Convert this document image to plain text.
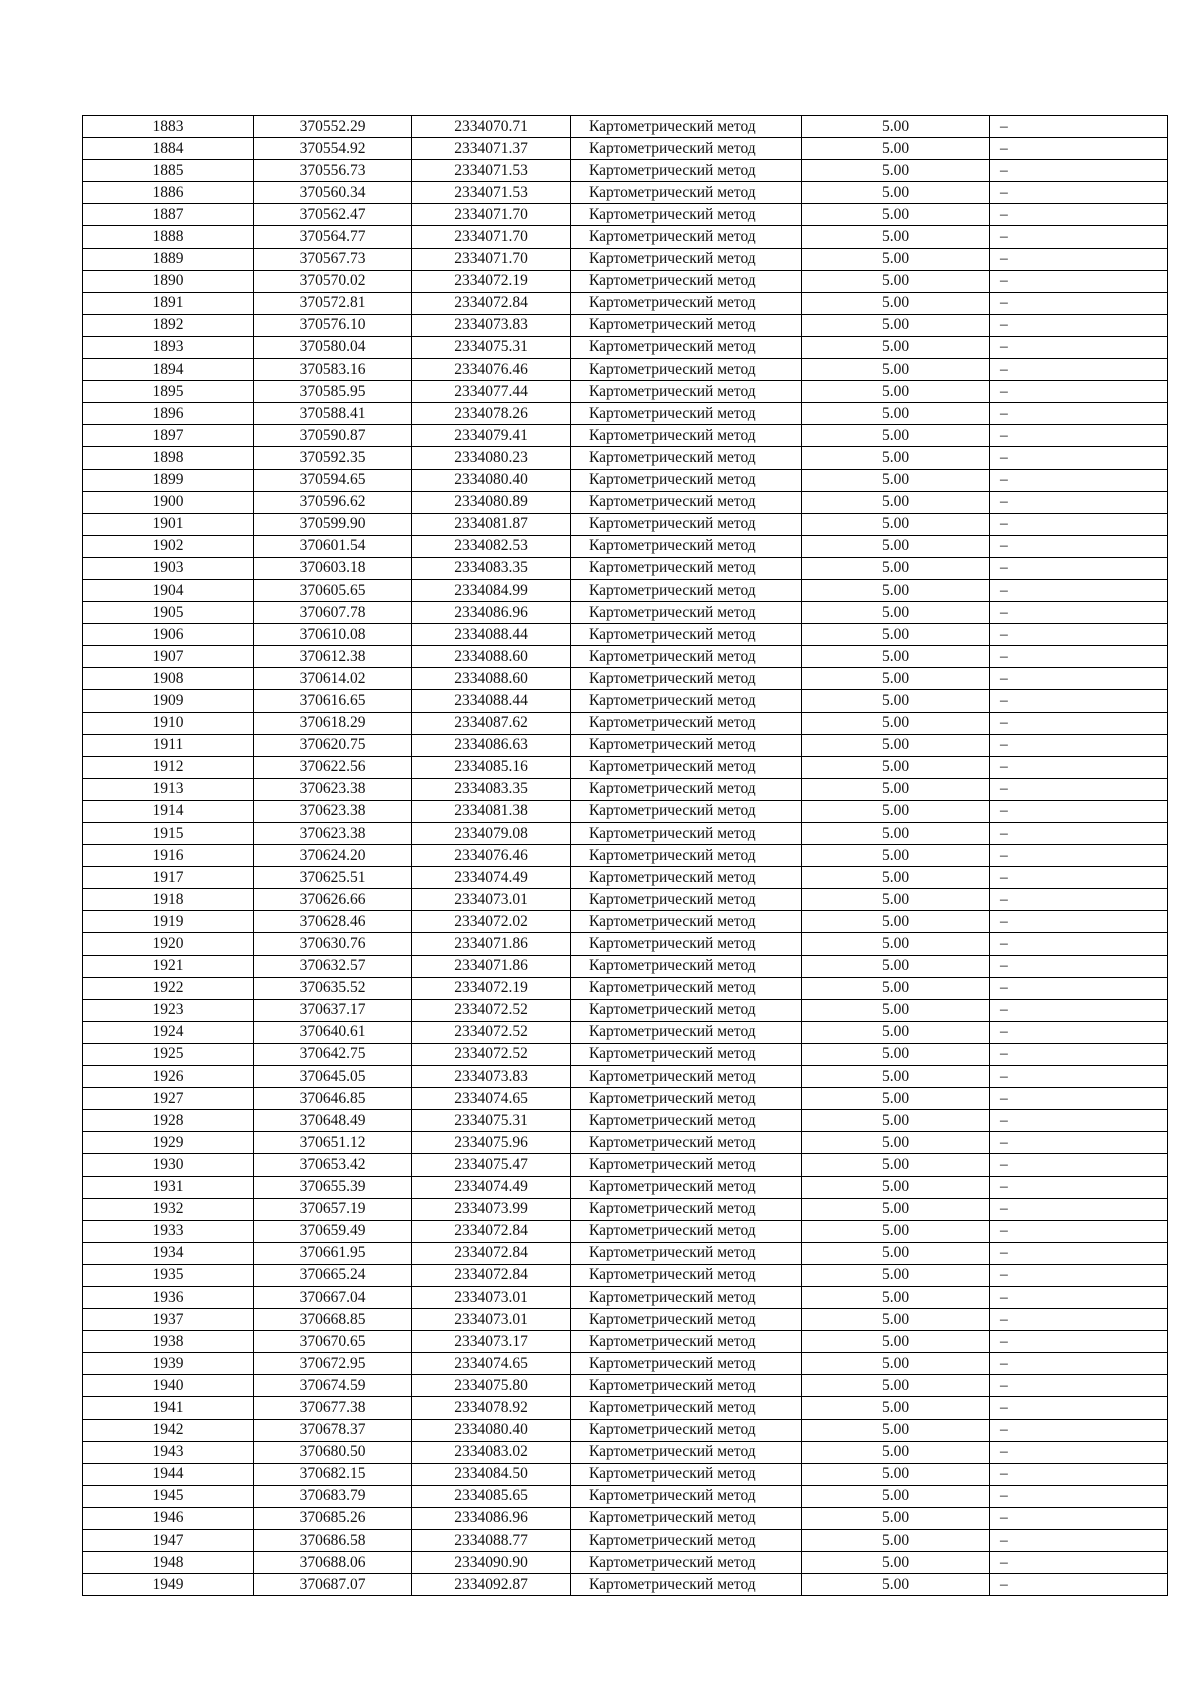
1883	370552.29	2334070.71	Картометрический метод	5.00	–
1884	370554.92	2334071.37	Картометрический метод	5.00	–
1885	370556.73	2334071.53	Картометрический метод	5.00	–
1886	370560.34	2334071.53	Картометрический метод	5.00	–
1887	370562.47	2334071.70	Картометрический метод	5.00	–
1888	370564.77	2334071.70	Картометрический метод	5.00	–
1889	370567.73	2334071.70	Картометрический метод	5.00	–
1890	370570.02	2334072.19	Картометрический метод	5.00	–
1891	370572.81	2334072.84	Картометрический метод	5.00	–
1892	370576.10	2334073.83	Картометрический метод	5.00	–
1893	370580.04	2334075.31	Картометрический метод	5.00	–
1894	370583.16	2334076.46	Картометрический метод	5.00	–
1895	370585.95	2334077.44	Картометрический метод	5.00	–
1896	370588.41	2334078.26	Картометрический метод	5.00	–
1897	370590.87	2334079.41	Картометрический метод	5.00	–
1898	370592.35	2334080.23	Картометрический метод	5.00	–
1899	370594.65	2334080.40	Картометрический метод	5.00	–
1900	370596.62	2334080.89	Картометрический метод	5.00	–
1901	370599.90	2334081.87	Картометрический метод	5.00	–
1902	370601.54	2334082.53	Картометрический метод	5.00	–
1903	370603.18	2334083.35	Картометрический метод	5.00	–
1904	370605.65	2334084.99	Картометрический метод	5.00	–
1905	370607.78	2334086.96	Картометрический метод	5.00	–
1906	370610.08	2334088.44	Картометрический метод	5.00	–
1907	370612.38	2334088.60	Картометрический метод	5.00	–
1908	370614.02	2334088.60	Картометрический метод	5.00	–
1909	370616.65	2334088.44	Картометрический метод	5.00	–
1910	370618.29	2334087.62	Картометрический метод	5.00	–
1911	370620.75	2334086.63	Картометрический метод	5.00	–
1912	370622.56	2334085.16	Картометрический метод	5.00	–
1913	370623.38	2334083.35	Картометрический метод	5.00	–
1914	370623.38	2334081.38	Картометрический метод	5.00	–
1915	370623.38	2334079.08	Картометрический метод	5.00	–
1916	370624.20	2334076.46	Картометрический метод	5.00	–
1917	370625.51	2334074.49	Картометрический метод	5.00	–
1918	370626.66	2334073.01	Картометрический метод	5.00	–
1919	370628.46	2334072.02	Картометрический метод	5.00	–
1920	370630.76	2334071.86	Картометрический метод	5.00	–
1921	370632.57	2334071.86	Картометрический метод	5.00	–
1922	370635.52	2334072.19	Картометрический метод	5.00	–
1923	370637.17	2334072.52	Картометрический метод	5.00	–
1924	370640.61	2334072.52	Картометрический метод	5.00	–
1925	370642.75	2334072.52	Картометрический метод	5.00	–
1926	370645.05	2334073.83	Картометрический метод	5.00	–
1927	370646.85	2334074.65	Картометрический метод	5.00	–
1928	370648.49	2334075.31	Картометрический метод	5.00	–
1929	370651.12	2334075.96	Картометрический метод	5.00	–
1930	370653.42	2334075.47	Картометрический метод	5.00	–
1931	370655.39	2334074.49	Картометрический метод	5.00	–
1932	370657.19	2334073.99	Картометрический метод	5.00	–
1933	370659.49	2334072.84	Картометрический метод	5.00	–
1934	370661.95	2334072.84	Картометрический метод	5.00	–
1935	370665.24	2334072.84	Картометрический метод	5.00	–
1936	370667.04	2334073.01	Картометрический метод	5.00	–
1937	370668.85	2334073.01	Картометрический метод	5.00	–
1938	370670.65	2334073.17	Картометрический метод	5.00	–
1939	370672.95	2334074.65	Картометрический метод	5.00	–
1940	370674.59	2334075.80	Картометрический метод	5.00	–
1941	370677.38	2334078.92	Картометрический метод	5.00	–
1942	370678.37	2334080.40	Картометрический метод	5.00	–
1943	370680.50	2334083.02	Картометрический метод	5.00	–
1944	370682.15	2334084.50	Картометрический метод	5.00	–
1945	370683.79	2334085.65	Картометрический метод	5.00	–
1946	370685.26	2334086.96	Картометрический метод	5.00	–
1947	370686.58	2334088.77	Картометрический метод	5.00	–
1948	370688.06	2334090.90	Картометрический метод	5.00	–
1949	370687.07	2334092.87	Картометрический метод	5.00	–
